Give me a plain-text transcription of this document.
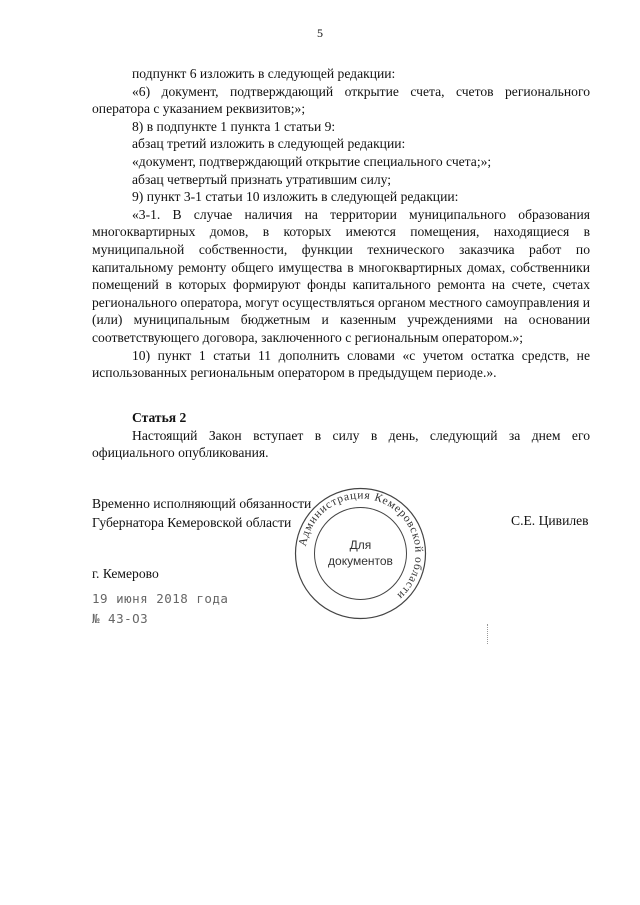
5

подпункт 6 изложить в следующей редакции:

«6) документ, подтверждающий открытие счета, счетов регионального оператора с указанием реквизитов;»;

8) в подпункте 1 пункта 1 статьи 9:

абзац третий изложить в следующей редакции:

«документ, подтверждающий открытие специального счета;»;

абзац четвертый признать утратившим силу;

9) пункт 3-1 статьи 10 изложить в следующей редакции:

«3-1. В случае наличия на территории муниципального образования многоквартирных домов, в которых имеются помещения, находящиеся в муниципальной собственности, функции технического заказчика работ по капитальному ремонту общего имущества в многоквартирных домах, собственники помещений в которых формируют фонды капитального ремонта на счете, счетах регионального оператора, могут осуществляться органом местного самоуправления и (или) муниципальным бюджетным и казенным учреждениями на основании соответствующего договора, заключенного с региональным оператором.»;

10) пункт 1 статьи 11 дополнить словами «с учетом остатка средств, не использованных региональным оператором в предыдущем периоде.».

Статья 2

Настоящий Закон вступает в силу в день, следующий за днем его официального опубликования.

Временно исполняющий обязанности
Губернатора Кемеровской области	С.Е. Цивилев
г. Кемерово
19 июня 2018 года
№ 43-ОЗ
Администрация Кемеровской области
Для
документов
